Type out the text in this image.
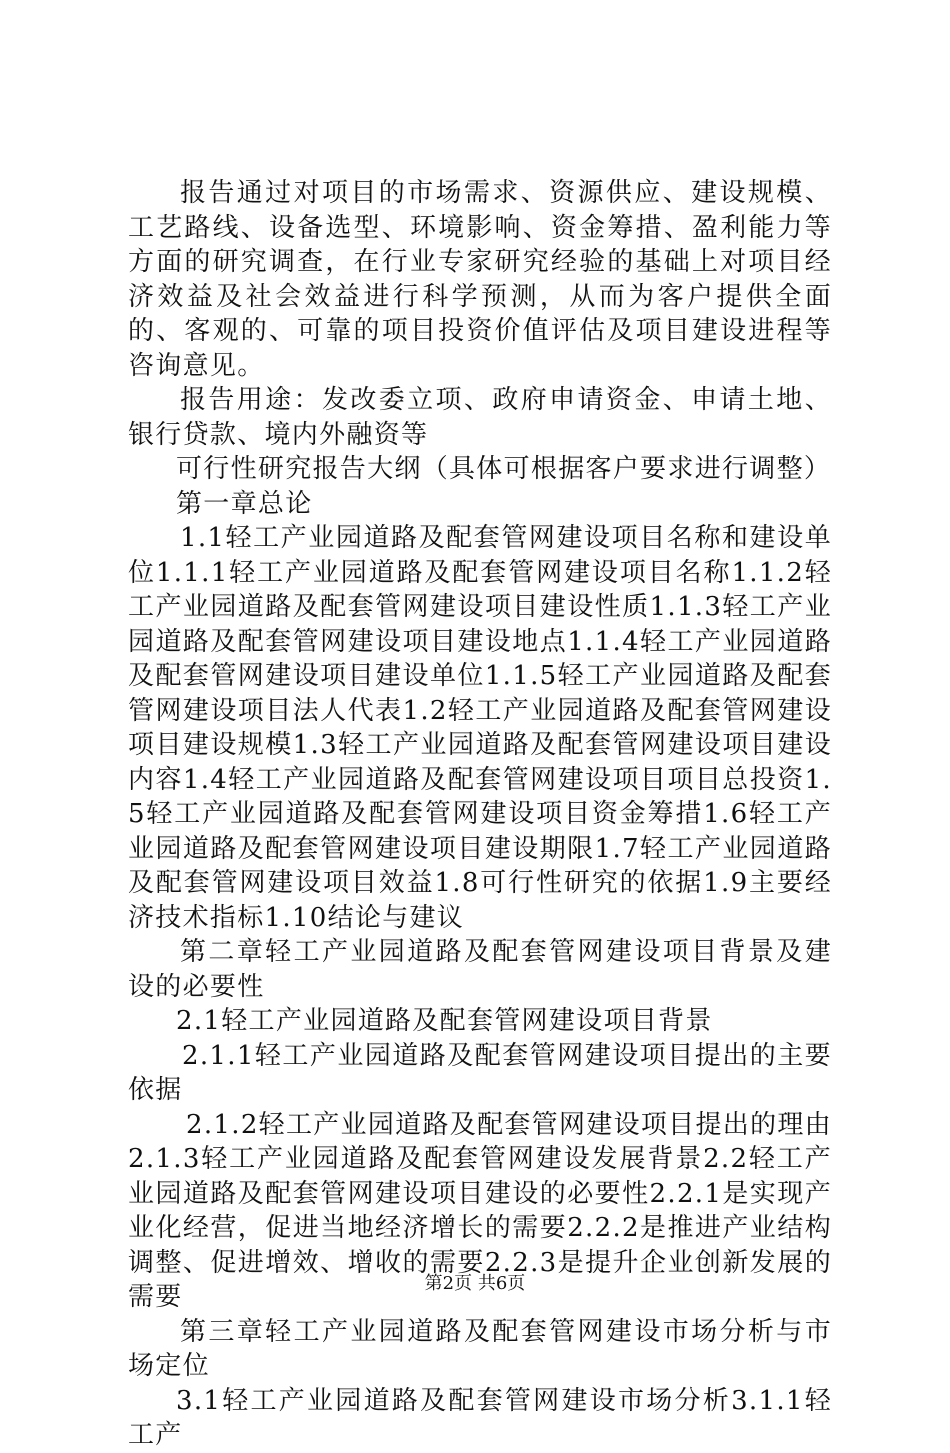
报告通过对项目的市场需求、资源供应、建设规模、工艺路线、设备选型、环境影响、资金筹措、盈利能力等方面的研究调查，在行业专家研究经验的基础上对项目经济效益及社会效益进行科学预测，从而为客户提供全面的、客观的、可靠的项目投资价值评估及项目建设进程等咨询意见。

报告用途：发改委立项、政府申请资金、申请土地、银行贷款、境内外融资等

可行性研究报告大纲（具体可根据客户要求进行调整）

第一章总论

1.1轻工产业园道路及配套管网建设项目名称和建设单位1.1.1轻工产业园道路及配套管网建设项目名称1.1.2轻工产业园道路及配套管网建设项目建设性质1.1.3轻工产业园道路及配套管网建设项目建设地点1.1.4轻工产业园道路及配套管网建设项目建设单位1.1.5轻工产业园道路及配套管网建设项目法人代表1.2轻工产业园道路及配套管网建设项目建设规模1.3轻工产业园道路及配套管网建设项目建设内容1.4轻工产业园道路及配套管网建设项目项目总投资1.5轻工产业园道路及配套管网建设项目资金筹措1.6轻工产业园道路及配套管网建设项目建设期限1.7轻工产业园道路及配套管网建设项目效益1.8可行性研究的依据1.9主要经济技术指标1.10结论与建议

第二章轻工产业园道路及配套管网建设项目背景及建设的必要性

2.1轻工产业园道路及配套管网建设项目背景

2.1.1轻工产业园道路及配套管网建设项目提出的主要依据

2.1.2轻工产业园道路及配套管网建设项目提出的理由2.1.3轻工产业园道路及配套管网建设发展背景2.2轻工产业园道路及配套管网建设项目建设的必要性2.2.1是实现产业化经营，促进当地经济增长的需要2.2.2是推进产业结构调整、促进增效、增收的需要2.2.3是提升企业创新发展的需要

第三章轻工产业园道路及配套管网建设市场分析与市场定位

3.1轻工产业园道路及配套管网建设市场分析3.1.1轻工产

第2页 共6页
